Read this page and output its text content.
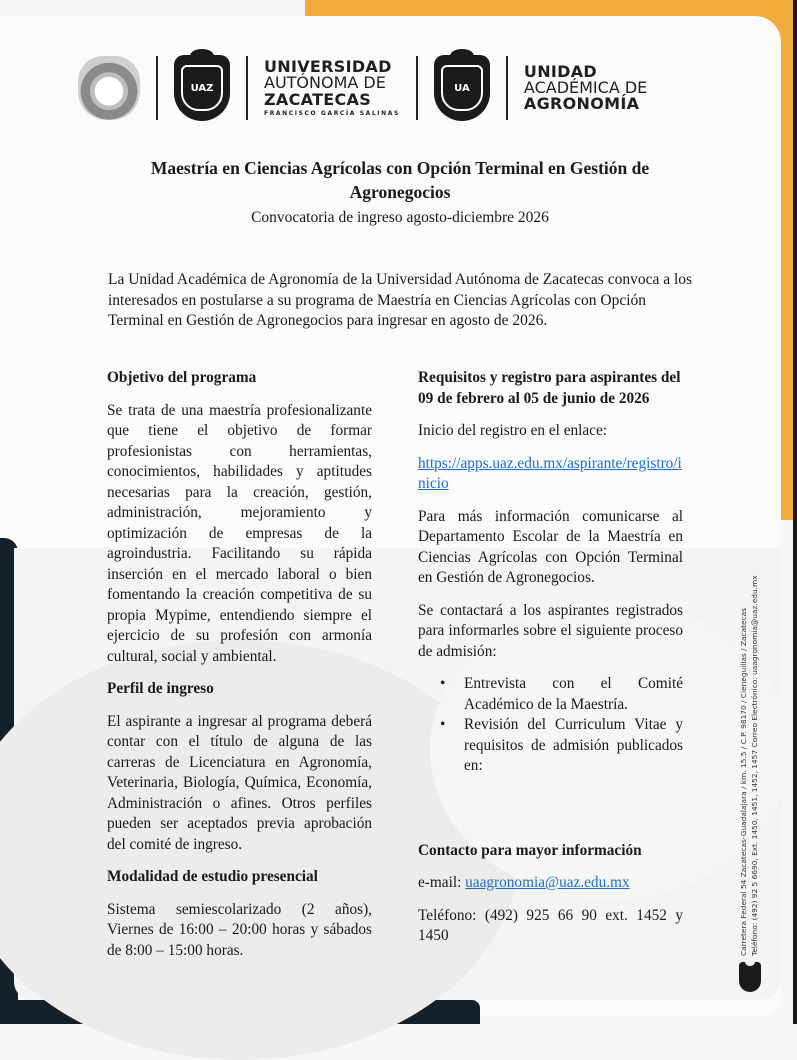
UAZ
UNIVERSIDAD
AUTÓNOMA DE
ZACATECAS
FRANCISCO GARCÍA SALINAS
UA
UNIDAD
ACADÉMICA DE
AGRONOMÍA
Maestría en Ciencias Agrícolas con Opción Terminal en Gestión de Agronegocios
Convocatoria de ingreso agosto-diciembre 2026
La Unidad Académica de Agronomía de la Universidad Autónoma de Zacatecas convoca a los interesados en postularse a su programa de Maestría en Ciencias Agrícolas con Opción Terminal en Gestión de Agronegocios para ingresar en agosto de 2026.
Objetivo del programa

Se trata de una maestría profesionalizante que tiene el objetivo de formar profesionistas con herramientas, conocimientos, habilidades y aptitudes necesarias para la creación, gestión, administración, mejoramiento y optimización de empresas de la agroindustria. Facilitando su rápida inserción en el mercado laboral o bien fomentando la creación competitiva de su propia Mypime, entendiendo siempre el ejercicio de su profesión con armonía cultural, social y ambiental.

Perfil de ingreso

El aspirante a ingresar al programa deberá contar con el título de alguna de las carreras de Licenciatura en Agronomía, Veterinaria, Biología, Química, Economía, Administración o afines. Otros perfiles pueden ser aceptados previa aprobación del comité de ingreso.

Modalidad de estudio presencial

Sistema semiescolarizado (2 años), Viernes de 16:00 – 20:00 horas y sábados de 8:00 – 15:00 horas.

Requisitos y registro para aspirantes del 09 de febrero al 05 de junio de 2026

Inicio del registro en el enlace:

https://apps.uaz.edu.mx/aspirante/registro/inicio

Para más información comunicarse al Departamento Escolar de la Maestría en Ciencias Agrícolas con Opción Terminal en Gestión de Agronegocios.

Se contactará a los aspirantes registrados para informarles sobre el siguiente proceso de admisión:

• Entrevista con el Comité Académico de la Maestría.
• Revisión del Curriculum Vitae y requisitos de admisión publicados en:
Contacto para mayor información

e-mail: uaagronomia@uaz.edu.mx

Teléfono: (492) 925 66 90 ext. 1452 y 1450	Carretera Federal 54 Zacatecas-Guadalajara / km. 15.5 / C.P. 98170 / Cieneguillas / Zacatecas Teléfono: (492) 92 5 6690, Ext. 1450, 1451, 1452, 1457 Correo Electrónico: uaagronomia@uaz.edu.mx
